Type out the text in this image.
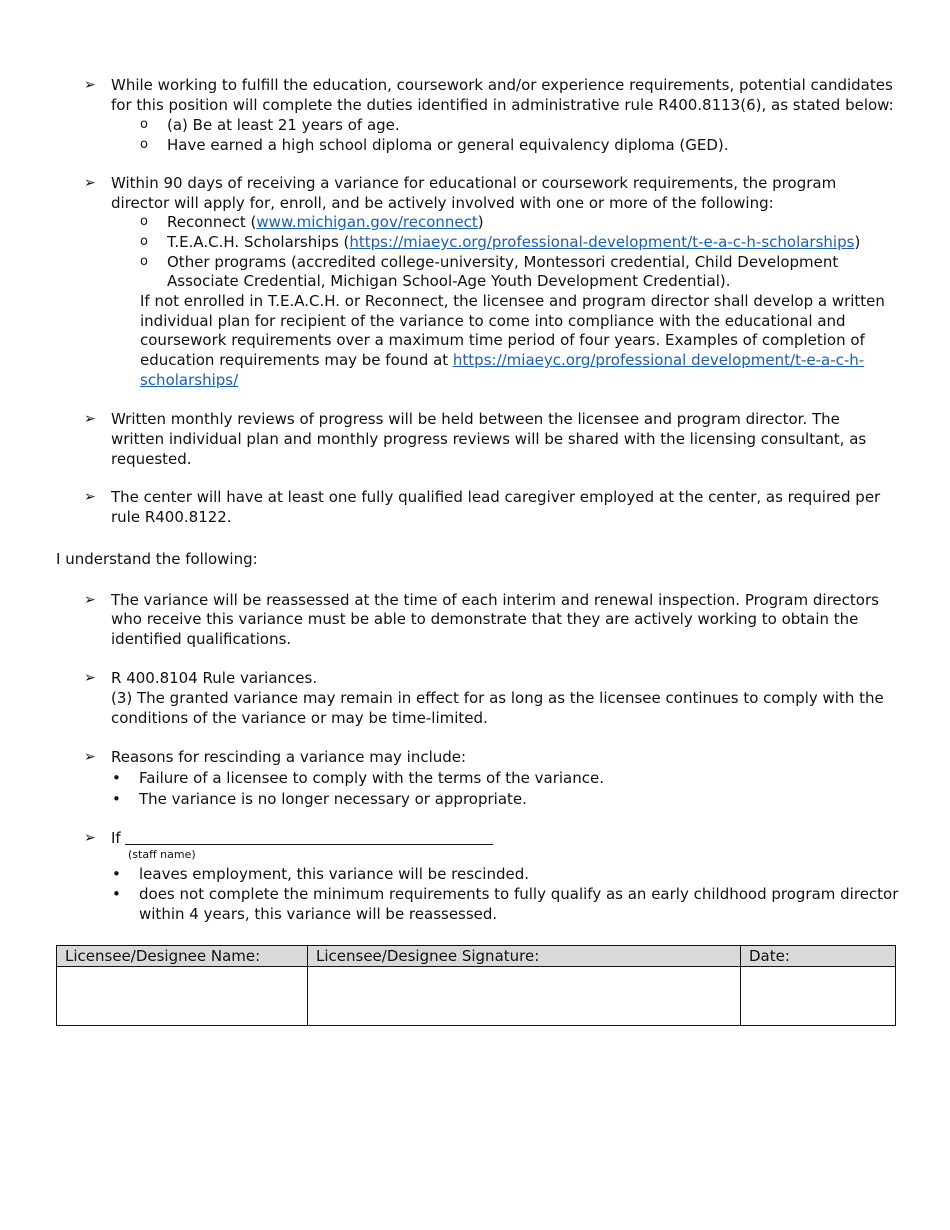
➢ While working to fulfill the education, coursework and/or experience requirements, potential candidates
for this position will complete the duties identified in administrative rule R400.8113(6), as stated below:
o (a) Be at least 21 years of age.
o Have earned a high school diploma or general equivalency diploma (GED).
➢ Within 90 days of receiving a variance for educational or coursework requirements, the program
director will apply for, enroll, and be actively involved with one or more of the following:
o Reconnect (www.michigan.gov/reconnect)
o T.E.A.C.H. Scholarships (https://miaeyc.org/professional-development/t-e-a-c-h-scholarships)
o Other programs (accredited college-university, Montessori credential, Child Development
Associate Credential, Michigan School-Age Youth Development Credential).
If not enrolled in T.E.A.C.H. or Reconnect, the licensee and program director shall develop a written
individual plan for recipient of the variance to come into compliance with the educational and
coursework requirements over a maximum time period of four years. Examples of completion of
education requirements may be found at https://miaeyc.org/professional development/t-e-a-c-h-
scholarships/
➢ Written monthly reviews of progress will be held between the licensee and program director. The
written individual plan and monthly progress reviews will be shared with the licensing consultant, as
requested.
➢ The center will have at least one fully qualified lead caregiver employed at the center, as required per
rule R400.8122.
I understand the following:
➢ The variance will be reassessed at the time of each interim and renewal inspection. Program directors
who receive this variance must be able to demonstrate that they are actively working to obtain the
identified qualifications.
➢ R 400.8104 Rule variances.
(3) The granted variance may remain in effect for as long as the licensee continues to comply with the
conditions of the variance or may be time-limited.
➢ Reasons for rescinding a variance may include:
• Failure of a licensee to comply with the terms of the variance.
• The variance is no longer necessary or appropriate.
➢ If
(staff name)
• leaves employment, this variance will be rescinded.
• does not complete the minimum requirements to fully qualify as an early childhood program director
within 4 years, this variance will be reassessed.
Licensee/Designee Name:	Licensee/Designee Signature:	Date:
